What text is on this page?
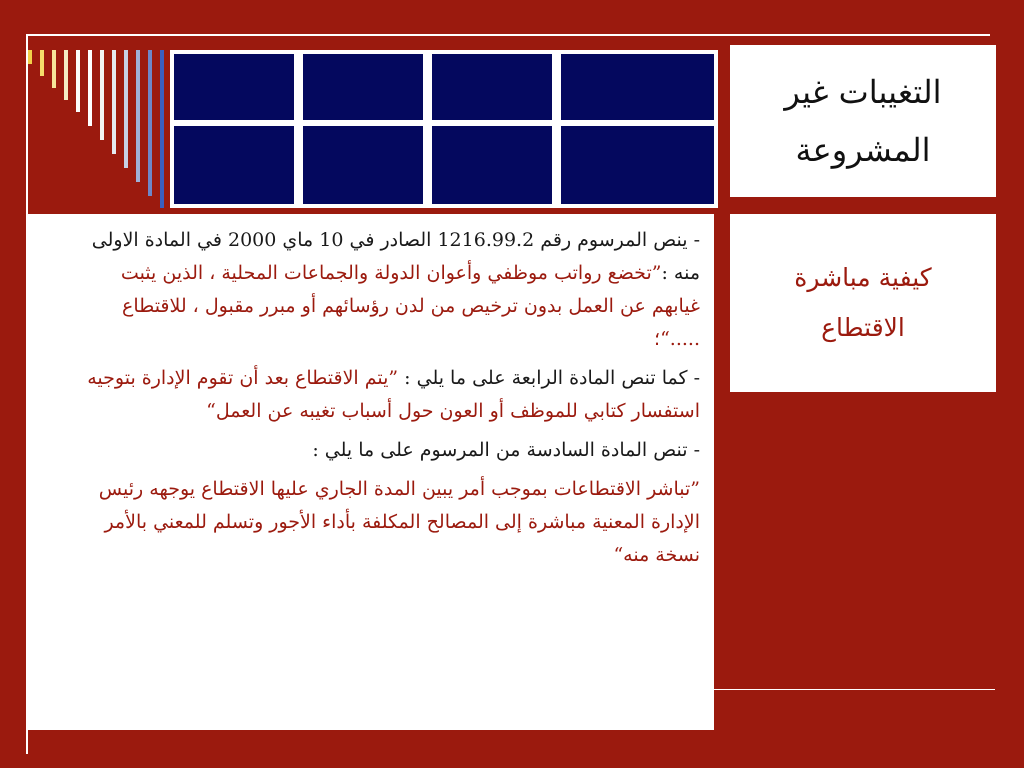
التغيبات غير المشروعة
كيفية مباشرة الاقتطاع

- ينص المرسوم رقم 1216.99.2 الصادر في 10 ماي 2000 في المادة الاولى منه :”تخضع رواتب موظفي وأعوان الدولة والجماعات المحلية ، الذين يثبت غيابهم عن العمل بدون ترخيص من لدن رؤسائهم أو مبرر مقبول ، للاقتطاع .....“؛

- كما تنص المادة الرابعة على ما يلي : ”يتم الاقتطاع بعد أن تقوم الإدارة بتوجيه استفسار كتابي للموظف أو العون حول أسباب تغيبه عن العمل“

- تنص المادة السادسة من المرسوم على ما يلي :

”تباشر الاقتطاعات بموجب أمر يبين المدة الجاري عليها الاقتطاع يوجهه رئيس الإدارة المعنية مباشرة إلى المصالح المكلفة بأداء الأجور وتسلم للمعني بالأمر نسخة منه“
